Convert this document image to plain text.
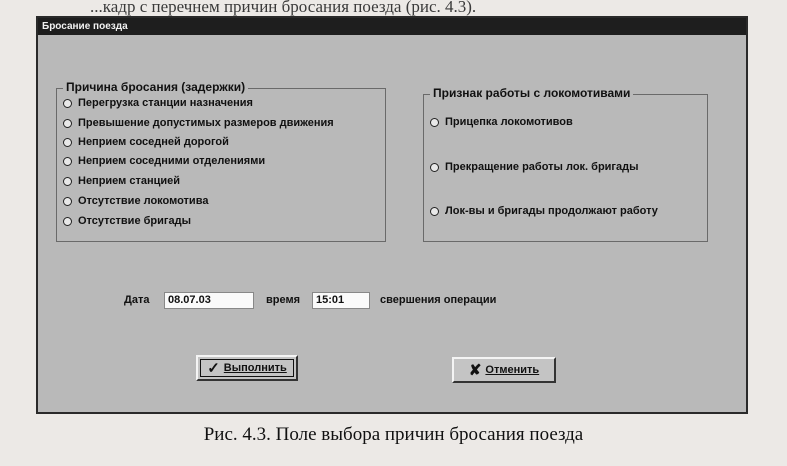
...кадр с перечнем причин бросания поезда (рис. 4.3).
Бросание поезда
Причина бросания (задержки)
Перегрузка станции назначения
Превышение допустимых размеров движения
Неприем соседней дорогой
Неприем соседними отделениями
Неприем станцией
Отсутствие локомотива
Отсутствие бригады
Признак работы с локомотивами
Прицепка локомотивов
Прекращение работы лок. бригады
Лок-вы и бригады продолжают работу
Дата	08.07.03	время	15:01	свершения операции
✓ Выполнить	✘ Отменить
Рис. 4.3. Поле выбора причин бросания поезда
